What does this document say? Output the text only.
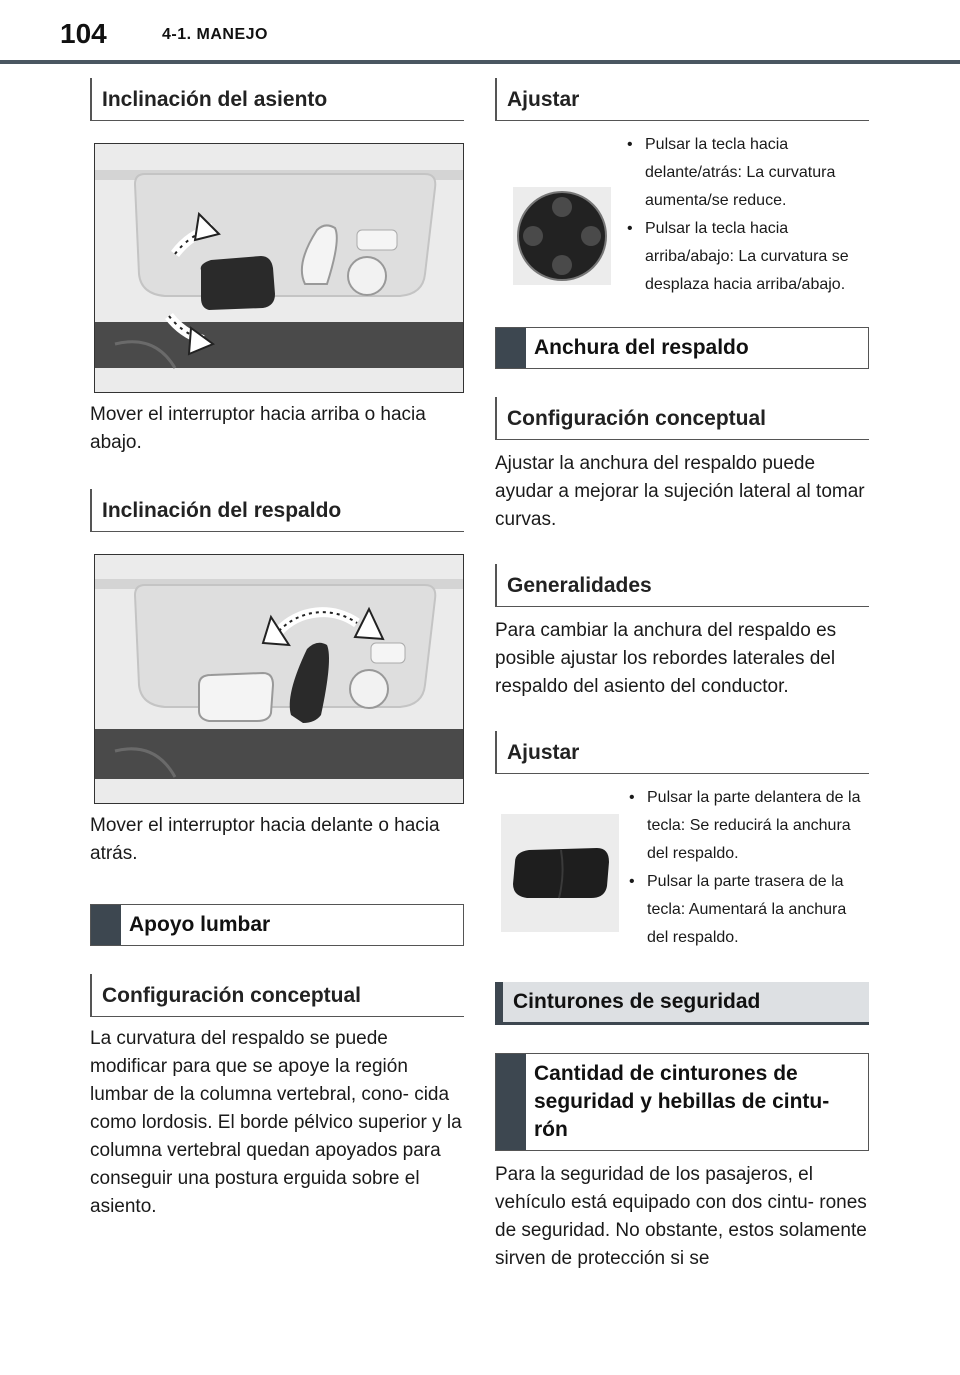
104	4-1. MANEJO
Inclinación del asiento

Mover el interruptor hacia arriba o hacia abajo.

Inclinación del respaldo

Mover el interruptor hacia delante o hacia atrás.

Apoyo lumbar
Configuración conceptual

La curvatura del respaldo se puede modificar para que se apoye la región lumbar de la columna vertebral, cono- cida como lordosis. El borde pélvico superior y la columna vertebral quedan apoyados para conseguir una postura erguida sobre el asiento.

Ajustar
• Pulsar la tecla hacia delante/atrás: La curvatura aumenta/se reduce.
• Pulsar la tecla hacia arriba/abajo: La curvatura se desplaza hacia arriba/abajo.
Anchura del respaldo
Configuración conceptual

Ajustar la anchura del respaldo puede ayudar a mejorar la sujeción lateral al tomar curvas.

Generalidades

Para cambiar la anchura del respaldo es posible ajustar los rebordes laterales del respaldo del asiento del conductor.

Ajustar
• Pulsar la parte delantera de la tecla: Se reducirá la anchura del respaldo.
• Pulsar la parte trasera de la tecla: Aumentará la anchura del respaldo.
Cinturones de seguridad
Cantidad de cinturones de seguridad y hebillas de cintu- rón

Para la seguridad de los pasajeros, el vehículo está equipado con dos cintu- rones de seguridad. No obstante, estos solamente sirven de protección si se
